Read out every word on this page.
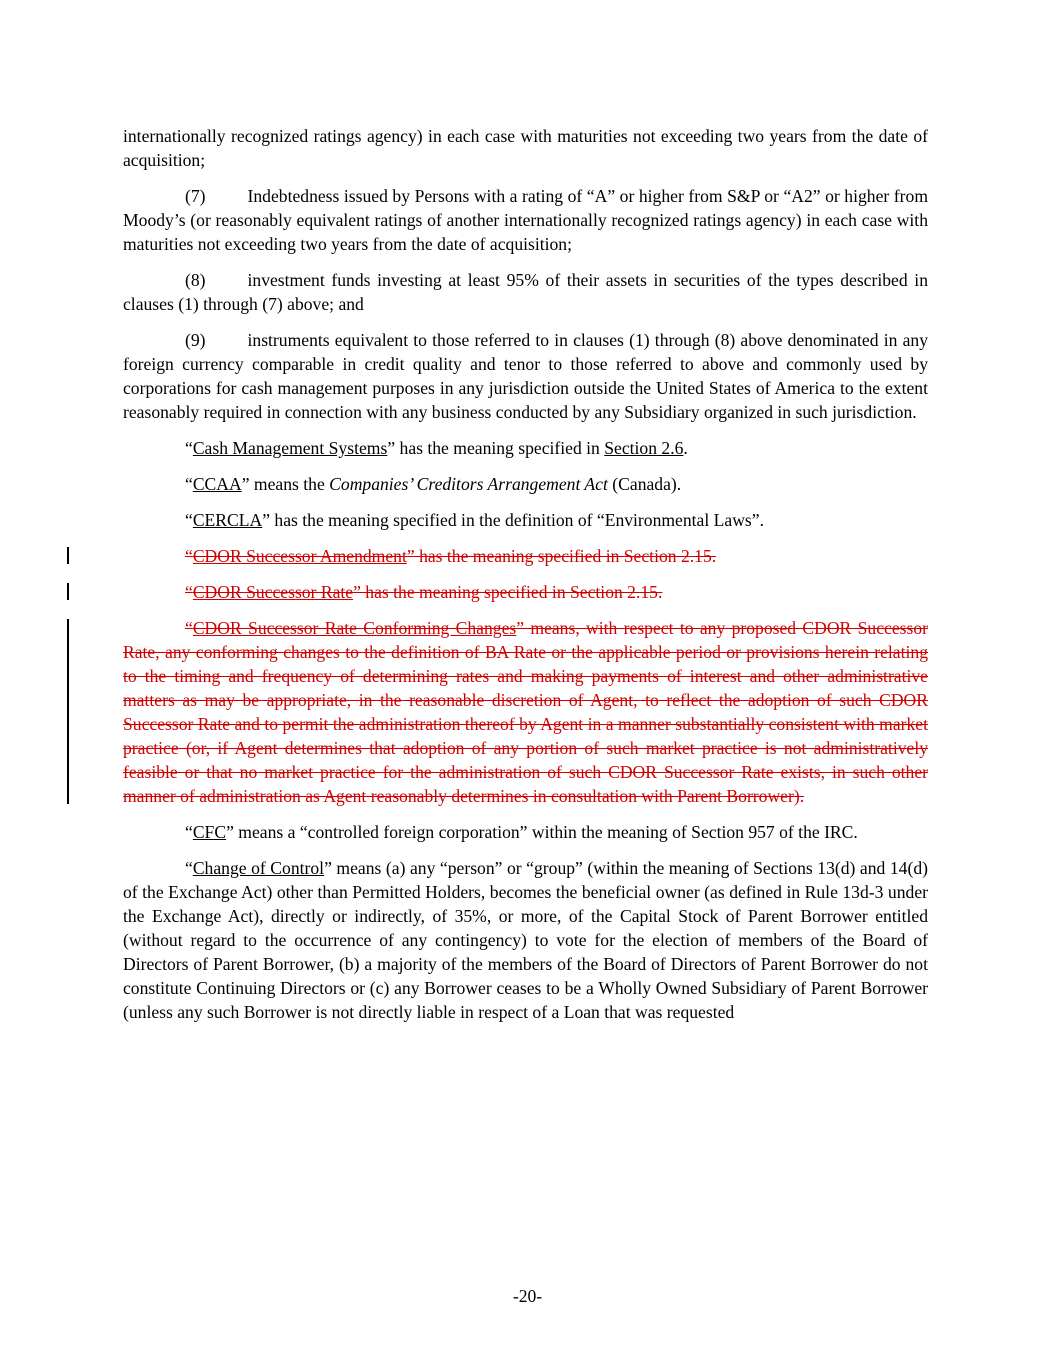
internationally recognized ratings agency) in each case with maturities not exceeding two years from the date of acquisition;

(7) Indebtedness issued by Persons with a rating of “A” or higher from S&P or “A2” or higher from Moody’s (or reasonably equivalent ratings of another internationally recognized ratings agency) in each case with maturities not exceeding two years from the date of acquisition;

(8) investment funds investing at least 95% of their assets in securities of the types described in clauses (1) through (7) above; and

(9) instruments equivalent to those referred to in clauses (1) through (8) above denominated in any foreign currency comparable in credit quality and tenor to those referred to above and commonly used by corporations for cash management purposes in any jurisdiction outside the United States of America to the extent reasonably required in connection with any business conducted by any Subsidiary organized in such jurisdiction.

“Cash Management Systems” has the meaning specified in Section 2.6.

“CCAA” means the Companies’ Creditors Arrangement Act (Canada).

“CERCLA” has the meaning specified in the definition of “Environmental Laws”.

“CDOR Successor Amendment” has the meaning specified in Section 2.15.

“CDOR Successor Rate” has the meaning specified in Section 2.15.

“CDOR Successor Rate Conforming Changes” means, with respect to any proposed CDOR Successor Rate, any conforming changes to the definition of BA Rate or the applicable period or provisions herein relating to the timing and frequency of determining rates and making payments of interest and other administrative matters as may be appropriate, in the reasonable discretion of Agent, to reflect the adoption of such CDOR Successor Rate and to permit the administration thereof by Agent in a manner substantially consistent with market practice (or, if Agent determines that adoption of any portion of such market practice is not administratively feasible or that no market practice for the administration of such CDOR Successor Rate exists, in such other manner of administration as Agent reasonably determines in consultation with Parent Borrower).

“CFC” means a “controlled foreign corporation” within the meaning of Section 957 of the IRC.

“Change of Control” means (a) any “person” or “group” (within the meaning of Sections 13(d) and 14(d) of the Exchange Act) other than Permitted Holders, becomes the beneficial owner (as defined in Rule 13d-3 under the Exchange Act), directly or indirectly, of 35%, or more, of the Capital Stock of Parent Borrower entitled (without regard to the occurrence of any contingency) to vote for the election of members of the Board of Directors of Parent Borrower, (b) a majority of the members of the Board of Directors of Parent Borrower do not constitute Continuing Directors or (c) any Borrower ceases to be a Wholly Owned Subsidiary of Parent Borrower (unless any such Borrower is not directly liable in respect of a Loan that was requested

-20-
